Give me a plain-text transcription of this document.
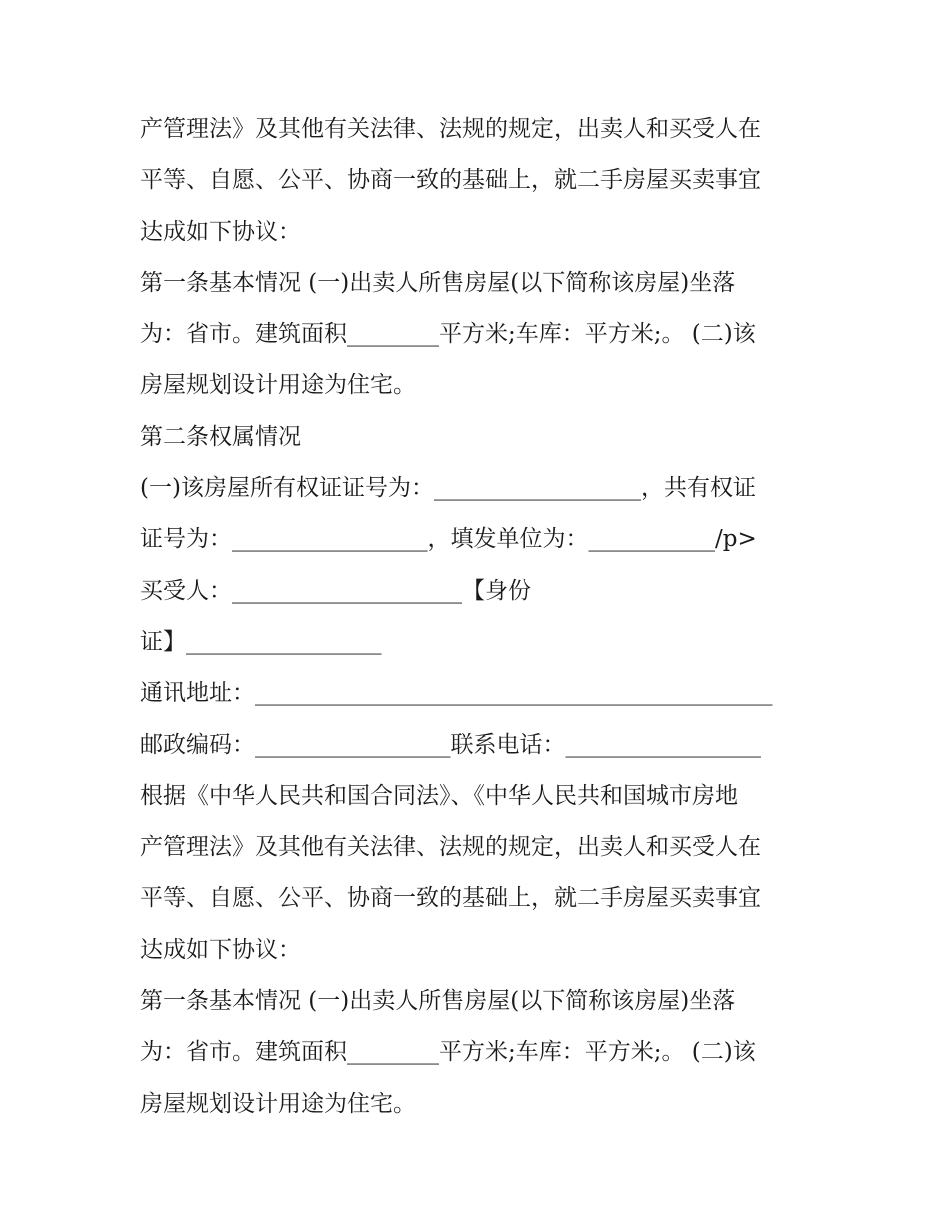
产管理法》及其他有关法律、法规的规定，出卖人和买受人在
平等、自愿、公平、协商一致的基础上，就二手房屋买卖事宜
达成如下协议：
第一条基本情况 (一)出卖人所售房屋(以下简称该房屋)坐落
为：省市。建筑面积________平方米;车库：平方米;。 (二)该
房屋规划设计用途为住宅。
第二条权属情况
(一)该房屋所有权证证号为：__________________，共有权证
证号为：_________________，填发单位为：___________/p>
买受人：____________________【身份
证】_________________
通讯地址：_____________________________________________
邮政编码：_________________联系电话：_________________
根据《中华人民共和国合同法》、《中华人民共和国城市房地
产管理法》及其他有关法律、法规的规定，出卖人和买受人在
平等、自愿、公平、协商一致的基础上，就二手房屋买卖事宜
达成如下协议：
第一条基本情况 (一)出卖人所售房屋(以下简称该房屋)坐落
为：省市。建筑面积________平方米;车库：平方米;。 (二)该
房屋规划设计用途为住宅。
